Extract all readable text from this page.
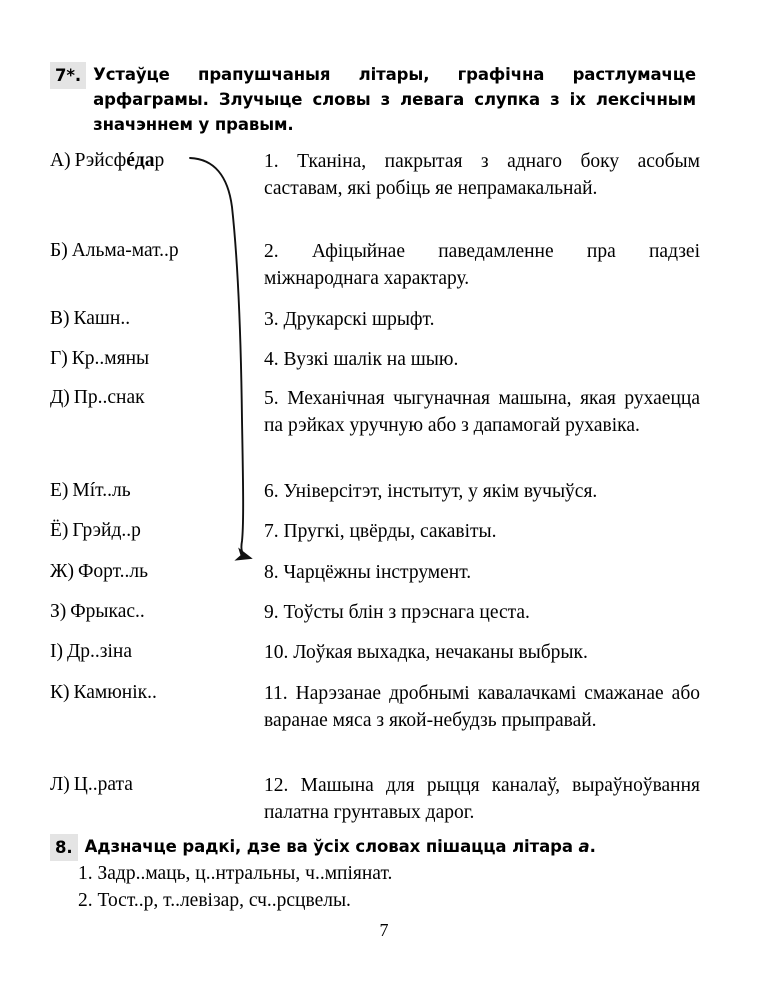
7*. Устаўце прапушчаныя літары, графічна растлумачце арфаграмы. Злучыце словы з левага слупка з іх лексічным значэннем у правым.
А) Рэйсфéдар	1. Тканіна, пакрытая з аднаго боку асобым саставам, які робіць яе непрамакальнай.
Б) Альма-мат..р	2. Афіцыйнае паведамленне пра падзеі міжнароднага характару.
В) Кашн..	3. Друкарскі шрыфт.
Г) Кр..мяны	4. Вузкі шалік на шыю.
Д) Пр..снак	5. Механічная чыгуначная машына, якая рухаецца па рэйках уручную або з дапамогай рухавіка.
Е) Мíт..ль	6. Універсітэт, інстытут, у якім вучыўся.
Ё) Грэйд..р	7. Пругкі, цвёрды, сакавіты.
Ж) Форт..ль	8. Чарцёжны інструмент.
З) Фрыкас..	9. Тоўсты блін з прэснага цеста.
І) Др..зіна	10. Лоўкая выхадка, нечаканы выбрык.
К) Камюнік..	11. Нарэзанае дробнымі кавалачкамі смажанае або варанае мяса з якой-небудзь прыправай.
Л) Ц..рата	12. Машына для рыцця каналаў, выраўноўвання палатна грунтавых дарог.
8. Адзначце радкі, дзе ва ўсіх словах пішацца літара а.
1. Задр..маць, ц..нтральны, ч..мпіянат.
2. Тост..р, т..левізар, сч..рсцвелы.
7
